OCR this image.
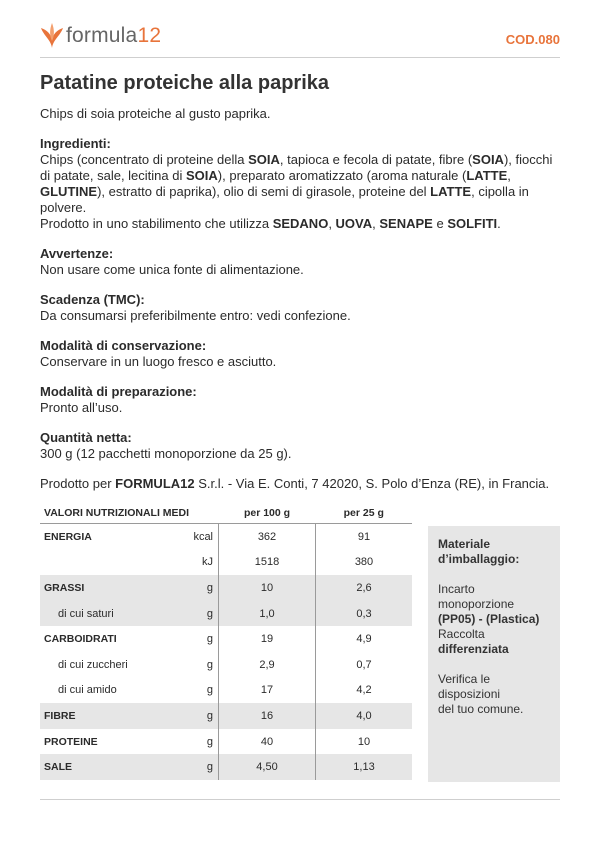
formula12	COD.080
Patatine proteiche alla paprika

Chips di soia proteiche al gusto paprika.

Ingredienti:

Chips (concentrato di proteine della SOIA, tapioca e fecola di patate, fibre (SOIA), fiocchi di patate, sale, lecitina di SOIA), preparato aromatizzato (aroma naturale (LATTE, GLUTINE), estratto di paprika), olio di semi di girasole, proteine del LATTE, cipolla in polvere.

Prodotto in uno stabilimento che utilizza SEDANO, UOVA, SENAPE e SOLFITI.

Avvertenze:

Non usare come unica fonte di alimentazione.

Scadenza (TMC):

Da consumarsi preferibilmente entro: vedi confezione.

Modalità di conservazione:

Conservare in un luogo fresco e asciutto.

Modalità di preparazione:

Pronto all’uso.

Quantità netta:

300 g (12 pacchetti monoporzione da 25 g).

Prodotto per FORMULA12 S.r.l. - Via E. Conti, 7 42020, S. Polo d’Enza (RE), in Francia.

VALORI NUTRIZIONALI MEDI		per 100 g	per 25 g
ENERGIA	kcal	362	91
	kJ	1518	380
GRASSI	g	10	2,6
di cui saturi	g	1,0	0,3
CARBOIDRATI	g	19	4,9
di cui zuccheri	g	2,9	0,7
di cui amido	g	17	4,2
FIBRE	g	16	4,0
PROTEINE	g	40	10
SALE	g	4,50	1,13

Materiale

d’imballaggio:

Incarto

monoporzione

(PP05) - (Plastica)

Raccolta

differenziata

Verifica le

disposizioni

del tuo comune.
